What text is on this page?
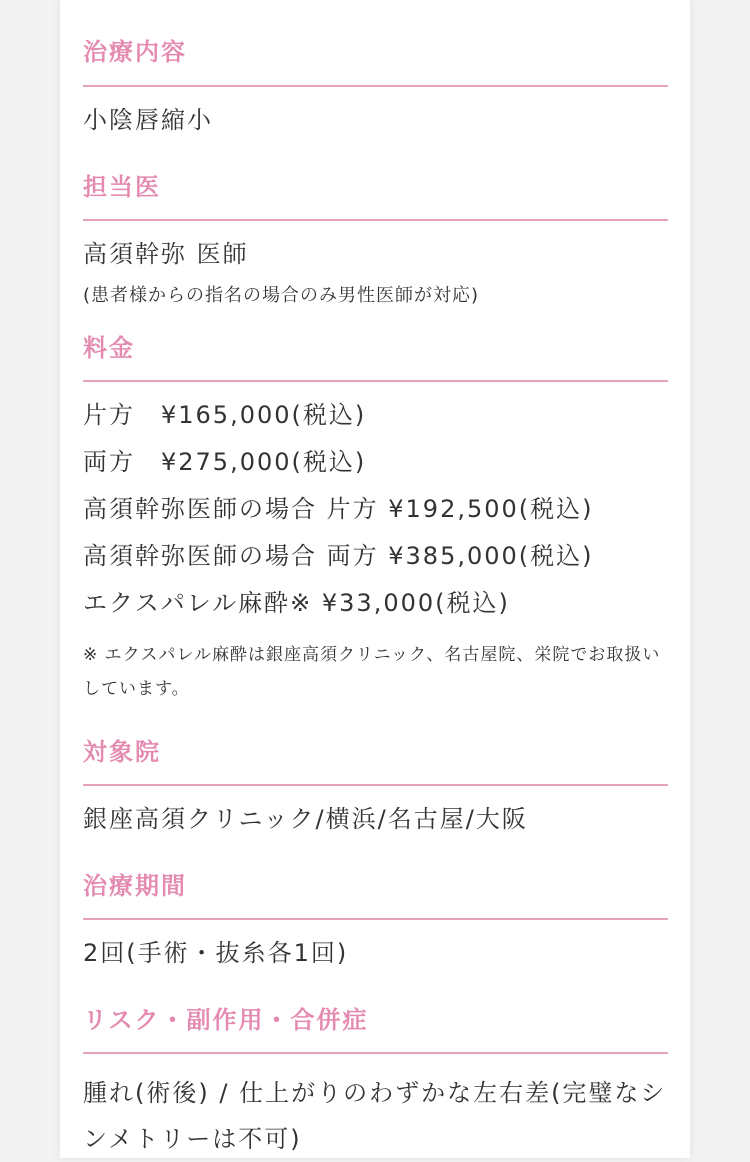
治療内容
小陰唇縮小
担当医
高須幹弥 医師
(患者様からの指名の場合のみ男性医師が対応)
料金
片方　¥165,000(税込)
両方　¥275,000(税込)
高須幹弥医師の場合 片方 ¥192,500(税込)
高須幹弥医師の場合 両方 ¥385,000(税込)
エクスパレル麻酔※ ¥33,000(税込)
※ エクスパレル麻酔は銀座高須クリニック、名古屋院、栄院でお取扱いしています。
対象院
銀座高須クリニック/横浜/名古屋/大阪
治療期間
2回(手術・抜糸各1回)
リスク・副作用・合併症
腫れ(術後) / 仕上がりのわずかな左右差(完璧なシンメトリーは不可)
